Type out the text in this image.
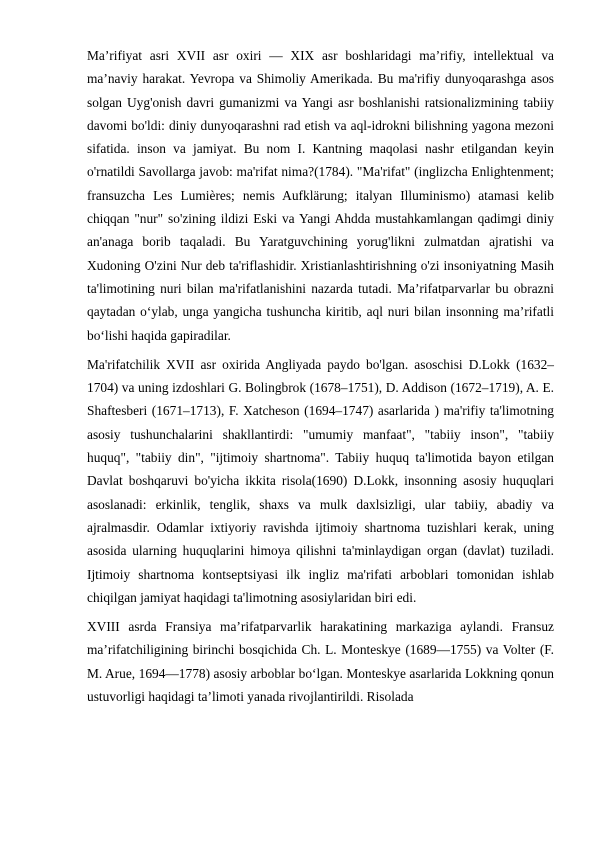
Ma’rifiyat asri XVII asr oxiri — XIX asr boshlaridagi ma’rifiy, intellektual va ma’naviy harakat. Yevropa va Shimoliy Amerikada. Bu ma'rifiy dunyoqarashga asos solgan Uyg'onish davri gumanizmi va Yangi asr boshlanishi ratsionalizmining tabiiy davomi bo'ldi: diniy dunyoqarashni rad etish va aql-idrokni bilishning yagona mezoni sifatida. inson va jamiyat. Bu nom I. Kantning maqolasi nashr etilgandan keyin o'rnatildi Savollarga javob: ma'rifat nima?(1784). "Ma'rifat" (inglizcha Enlightenment; fransuzcha Les Lumières; nemis Aufklärung; italyan Illuminismo) atamasi kelib chiqqan "nur" so'zining ildizi Eski va Yangi Ahdda mustahkamlangan qadimgi diniy an'anaga borib taqaladi. Bu Yaratguvchining yorug'likni zulmatdan ajratishi va Xudoning O'zini Nur deb ta'riflashidir. Xristianlashtirishning o'zi insoniyatning Masih ta'limotining nuri bilan ma'rifatlanishini nazarda tutadi. Ma’rifatparvarlar bu obrazni qaytadan o‘ylab, unga yangicha tushuncha kiritib, aql nuri bilan insonning ma’rifatli bo‘lishi haqida gapiradilar.

Ma'rifatchilik XVII asr oxirida Angliyada paydo bo'lgan. asoschisi D.Lokk (1632–1704) va uning izdoshlari G. Bolingbrok (1678–1751), D. Addison (1672–1719), A. E. Shaftesberi (1671–1713), F. Xatcheson (1694–1747) asarlarida ) ma'rifiy ta'limotning asosiy tushunchalarini shakllantirdi: "umumiy manfaat", "tabiiy inson", "tabiiy huquq", "tabiiy din", "ijtimoiy shartnoma". Tabiiy huquq ta'limotida bayon etilgan Davlat boshqaruvi bo'yicha ikkita risola(1690) D.Lokk, insonning asosiy huquqlari asoslanadi: erkinlik, tenglik, shaxs va mulk daxlsizligi, ular tabiiy, abadiy va ajralmasdir. Odamlar ixtiyoriy ravishda ijtimoiy shartnoma tuzishlari kerak, uning asosida ularning huquqlarini himoya qilishni ta'minlaydigan organ (davlat) tuziladi. Ijtimoiy shartnoma kontseptsiyasi ilk ingliz ma'rifati arboblari tomonidan ishlab chiqilgan jamiyat haqidagi ta'limotning asosiylaridan biri edi.

XVIII asrda Fransiya ma’rifatparvarlik harakatining markaziga aylandi. Fransuz ma’rifatchiligining birinchi bosqichida Ch. L. Monteskye (1689—1755) va Volter (F. M. Arue, 1694—1778) asosiy arboblar bo‘lgan. Monteskye asarlarida Lokkning qonun ustuvorligi haqidagi ta’limoti yanada rivojlantirildi. Risolada
